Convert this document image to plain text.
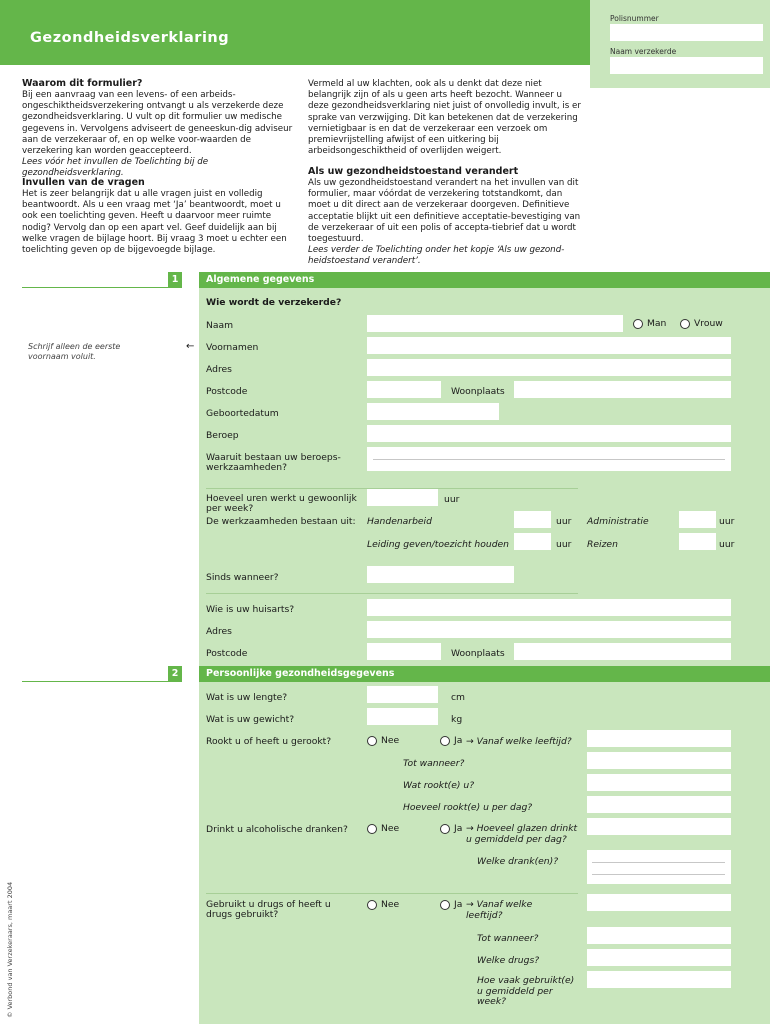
Gezondheidsverklaring
Polisnummer
Naam verzekerde
Waarom dit formulier?

Bij een aanvraag van een levens- of een arbeids-ongeschiktheidsverzekering ontvangt u als verzekerde deze gezondheidsverklaring. U vult op dit formulier uw medische gegevens in. Vervolgens adviseert de geneeskun-dig adviseur aan de verzekeraar of, en op welke voor-waarden de verzekering kan worden geaccepteerd.
Lees vóór het invullen de Toelichting bij de gezondheidsverklaring.

Invullen van de vragen

Het is zeer belangrijk dat u alle vragen juist en volledig beantwoordt. Als u een vraag met ‘Ja’ beantwoordt, moet u ook een toelichting geven. Heeft u daarvoor meer ruimte nodig? Vervolg dan op een apart vel. Geef duidelijk aan bij welke vragen de bijlage hoort. Bij vraag 3 moet u echter een toelichting geven op de bijgevoegde bijlage.

Vermeld al uw klachten, ook als u denkt dat deze niet belangrijk zijn of als u geen arts heeft bezocht. Wanneer u deze gezondheidsverklaring niet juist of onvolledig invult, is er sprake van verzwijging. Dit kan betekenen dat de verzekering vernietigbaar is en dat de verzekeraar een verzoek om premievrijstelling afwijst of een uitkering bij arbeidsongeschiktheid of overlijden weigert.

Als uw gezondheidstoestand verandert

Als uw gezondheidstoestand verandert na het invullen van dit formulier, maar vóórdat de verzekering totstandkomt, dan moet u dit direct aan de verzekeraar doorgeven. Definitieve acceptatie blijkt uit een definitieve acceptatie-bevestiging van de verzekeraar of uit een polis of accepta-tiebrief dat u wordt toegestuurd.
Lees verder de Toelichting onder het kopje ‘Als uw gezond-heidstoestand verandert’.

1	Algemene gegevens
Wie wordt de verzekerde?
Naam	Man	Vrouw
Schrijf alleen de eerste voornaam voluit.
← Voornamen
Adres
Postcode	Woonplaats
Geboortedatum
Beroep
Waaruit bestaan uw beroeps-werkzaamheden?
Hoeveel uren werkt u gewoonlijk per week?
uur
De werkzaamheden bestaan uit: Handenarbeid	uur Administratie	uur
Leiding geven/toezicht houden	uur Reizen	uur
Sinds wanneer?
Wie is uw huisarts?
Adres
Postcode	Woonplaats
2	Persoonlijke gezondheidsgegevens
Wat is uw lengte?	cm
Wat is uw gewicht?	kg
Rookt u of heeft u gerookt?	Nee	Ja → Vanaf welke leeftijd?
Tot wanneer?
Wat rookt(e) u?
Hoeveel rookt(e) u per dag?
Drinkt u alcoholische dranken?	Nee	Ja → Hoeveel glazen drinkt u gemiddeld per dag?
Welke drank(en)?
Gebruikt u drugs of heeft u drugs gebruikt?
Nee	Ja → Vanaf welke leeftijd?
Tot wanneer?
Welke drugs?
Hoe vaak gebruikt(e) u gemiddeld per week?
© Verbond van Verzekeraars, maart 2004
